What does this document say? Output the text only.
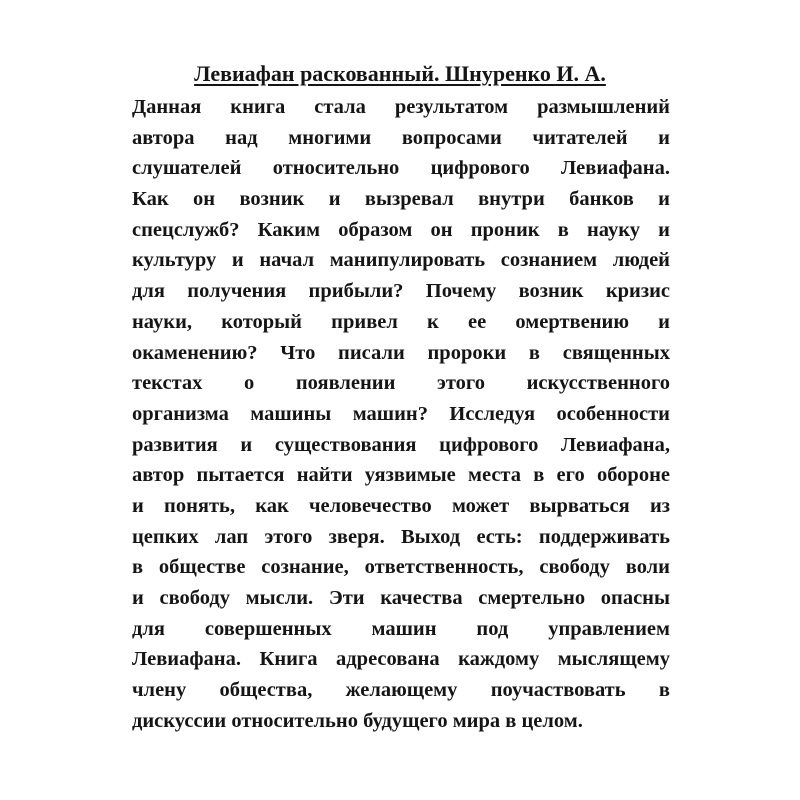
Левиафан раскованный. Шнуренко И. А.
Данная книга стала результатом размышлений
автора над многими вопросами читателей и
слушателей относительно цифрового Левиафана.
Как он возник и вызревал внутри банков и
спецслужб? Каким образом он проник в науку и
культуру и начал манипулировать сознанием людей
для получения прибыли? Почему возник кризис
науки, который привел к ее омертвению и
окаменению? Что писали пророки в священных
текстах о появлении этого искусственного
организма машины машин? Исследуя особенности
развития и существования цифрового Левиафана,
автор пытается найти уязвимые места в его обороне
и понять, как человечество может вырваться из
цепких лап этого зверя. Выход есть: поддерживать
в обществе сознание, ответственность, свободу воли
и свободу мысли. Эти качества смертельно опасны
для совершенных машин под управлением
Левиафана. Книга адресована каждому мыслящему
члену общества, желающему поучаствовать в
дискуссии относительно будущего мира в целом.
